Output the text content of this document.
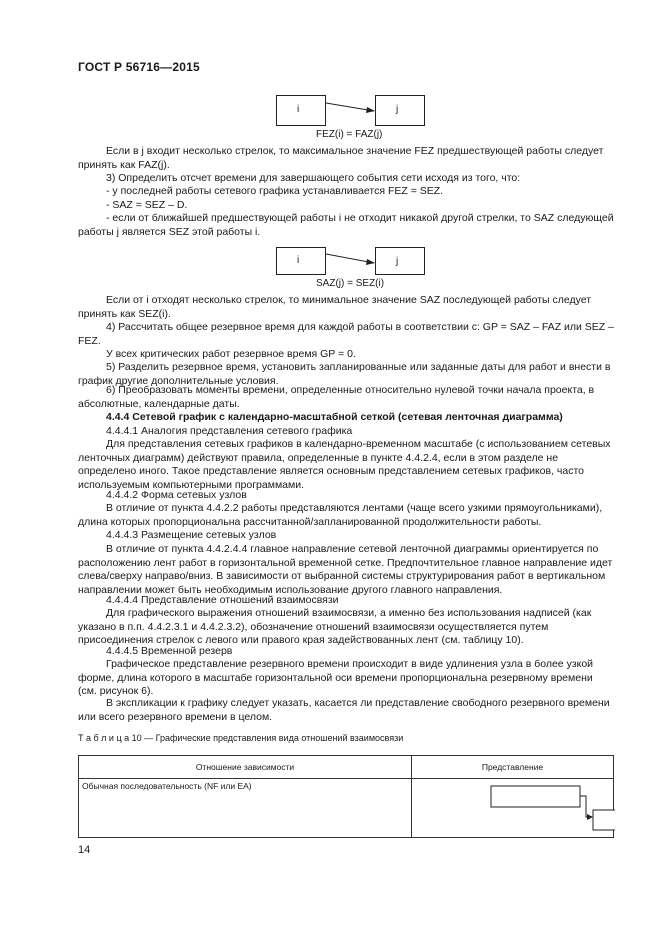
ГОСТ Р 56716—2015
i	j
FEZ(i) = FAZ(j)
Если в j входит несколько стрелок, то максимальное значение FEZ предшествующей работы следует принять как FAZ(j).
3) Определить отсчет времени для завершающего события сети исходя из того, что:
- у последней работы сетевого графика устанавливается FEZ = SEZ.
- SAZ = SEZ – D.
- если от ближайшей предшествующей работы i не отходит никакой другой стрелки, то SAZ следующей работы j является SEZ этой работы i.
i	j
SAZ(j) = SEZ(i)
Если от i отходят несколько стрелок, то минимальное значение SAZ последующей работы следует принять как SEZ(i).
4) Рассчитать общее резервное время для каждой работы в соответствии с: GP = SAZ – FAZ или SEZ – FEZ.
У всех критических работ резервное время GP = 0.
5) Разделить резервное время, установить запланированные или заданные даты для работ и внести в график другие дополнительные условия.
6) Преобразовать моменты времени, определенные относительно нулевой точки начала проекта, в абсолютные, календарные даты.
4.4.4 Сетевой график с календарно-масштабной сеткой (сетевая ленточная диаграмма)
4.4.4.1 Аналогия представления сетевого графика
Для представления сетевых графиков в календарно-временном масштабе (с использованием сетевых ленточных диаграмм) действуют правила, определенные в пункте 4.4.2.4, если в этом разделе не определено иного. Такое представление является основным представлением сетевых графиков, часто используемым компьютерными программами.
4.4.4.2 Форма сетевых узлов
В отличие от пункта 4.4.2.2 работы представляются лентами (чаще всего узкими прямоугольниками), длина которых пропорциональна рассчитанной/запланированной продолжительности работы.
4.4.4.3 Размещение сетевых узлов
В отличие от пункта 4.4.2.4.4 главное направление сетевой ленточной диаграммы ориентируется по расположению лент работ в горизонтальной временной сетке. Предпочтительное главное направление идет слева/сверху направо/вниз. В зависимости от выбранной системы структурирования работ в вертикальном направлении может быть необходимым использование другого главного направления.
4.4.4.4 Представление отношений взаимосвязи
Для графического выражения отношений взаимосвязи, а именно без использования надписей (как указано в п.п. 4.4.2.3.1 и 4.4.2.3.2), обозначение отношений взаимосвязи осуществляется путем присоединения стрелок с левого или правого края задействованных лент (см. таблицу 10).
4.4.4.5 Временной резерв
Графическое представление резервного времени происходит в виде удлинения узла в более узкой форме, длина которого в масштабе горизонтальной оси времени пропорциональна резервному времени (см. рисунок 6).
В экспликации к графику следует указать, касается ли представление свободного резервного времени или всего резервного времени в целом.
Т а б л и ц а 10 — Графические представления вида отношений взаимосвязи
Отношение зависимости	Представление

Обычная последовательность (NF или EA)

14
